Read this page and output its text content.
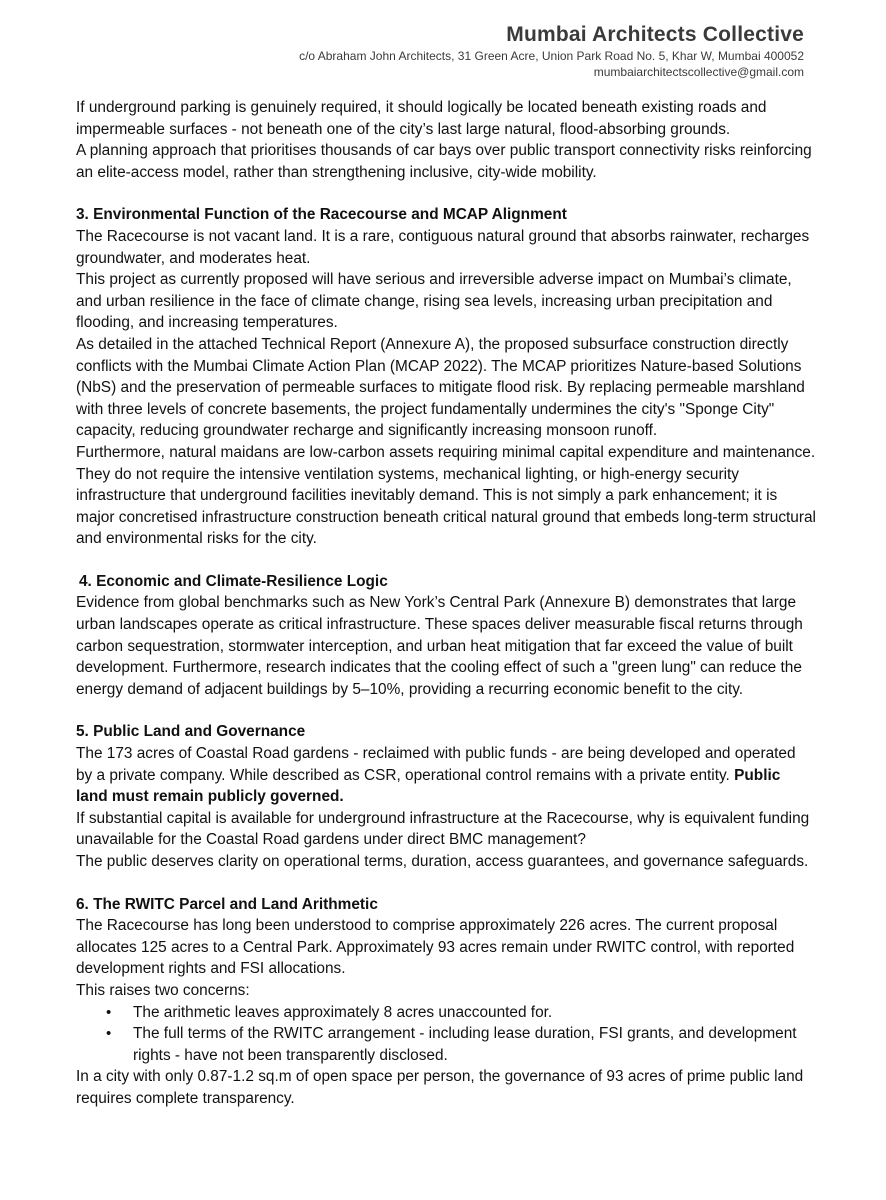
Mumbai Architects Collective
c/o Abraham John Architects, 31 Green Acre, Union Park Road No. 5, Khar W, Mumbai 400052
mumbaiarchitectscollective@gmail.com

If underground parking is genuinely required, it should logically be located beneath existing roads and impermeable surfaces - not beneath one of the city’s last large natural, flood-absorbing grounds.

A planning approach that prioritises thousands of car bays over public transport connectivity risks reinforcing an elite-access model, rather than strengthening inclusive, city-wide mobility.

3. Environmental Function of the Racecourse and MCAP Alignment

The Racecourse is not vacant land. It is a rare, contiguous natural ground that absorbs rainwater, recharges groundwater, and moderates heat.

This project as currently proposed will have serious and irreversible adverse impact on Mumbai’s climate, and urban resilience in the face of climate change, rising sea levels, increasing urban precipitation and flooding, and increasing temperatures.

As detailed in the attached Technical Report (Annexure A), the proposed subsurface construction directly conflicts with the Mumbai Climate Action Plan (MCAP 2022). The MCAP prioritizes Nature-based Solutions (NbS) and the preservation of permeable surfaces to mitigate flood risk. By replacing permeable marshland with three levels of concrete basements, the project fundamentally undermines the city's "Sponge City" capacity, reducing groundwater recharge and significantly increasing monsoon runoff.

Furthermore, natural maidans are low-carbon assets requiring minimal capital expenditure and maintenance. They do not require the intensive ventilation systems, mechanical lighting, or high-energy security infrastructure that underground facilities inevitably demand. This is not simply a park enhancement; it is major concretised infrastructure construction beneath critical natural ground that embeds long-term structural and environmental risks for the city.

4. Economic and Climate-Resilience Logic

Evidence from global benchmarks such as New York’s Central Park (Annexure B) demonstrates that large urban landscapes operate as critical infrastructure. These spaces deliver measurable fiscal returns through carbon sequestration, stormwater interception, and urban heat mitigation that far exceed the value of built development. Furthermore, research indicates that the cooling effect of such a "green lung" can reduce the energy demand of adjacent buildings by 5–10%, providing a recurring economic benefit to the city.

5. Public Land and Governance

The 173 acres of Coastal Road gardens - reclaimed with public funds - are being developed and operated by a private company. While described as CSR, operational control remains with a private entity. Public land must remain publicly governed.

If substantial capital is available for underground infrastructure at the Racecourse, why is equivalent funding unavailable for the Coastal Road gardens under direct BMC management?

The public deserves clarity on operational terms, duration, access guarantees, and governance safeguards.

6. The RWITC Parcel and Land Arithmetic

The Racecourse has long been understood to comprise approximately 226 acres. The current proposal allocates 125 acres to a Central Park. Approximately 93 acres remain under RWITC control, with reported development rights and FSI allocations.

This raises two concerns:

• The arithmetic leaves approximately 8 acres unaccounted for.
• The full terms of the RWITC arrangement - including lease duration, FSI grants, and development rights - have not been transparently disclosed.

In a city with only 0.87-1.2 sq.m of open space per person, the governance of 93 acres of prime public land requires complete transparency.
